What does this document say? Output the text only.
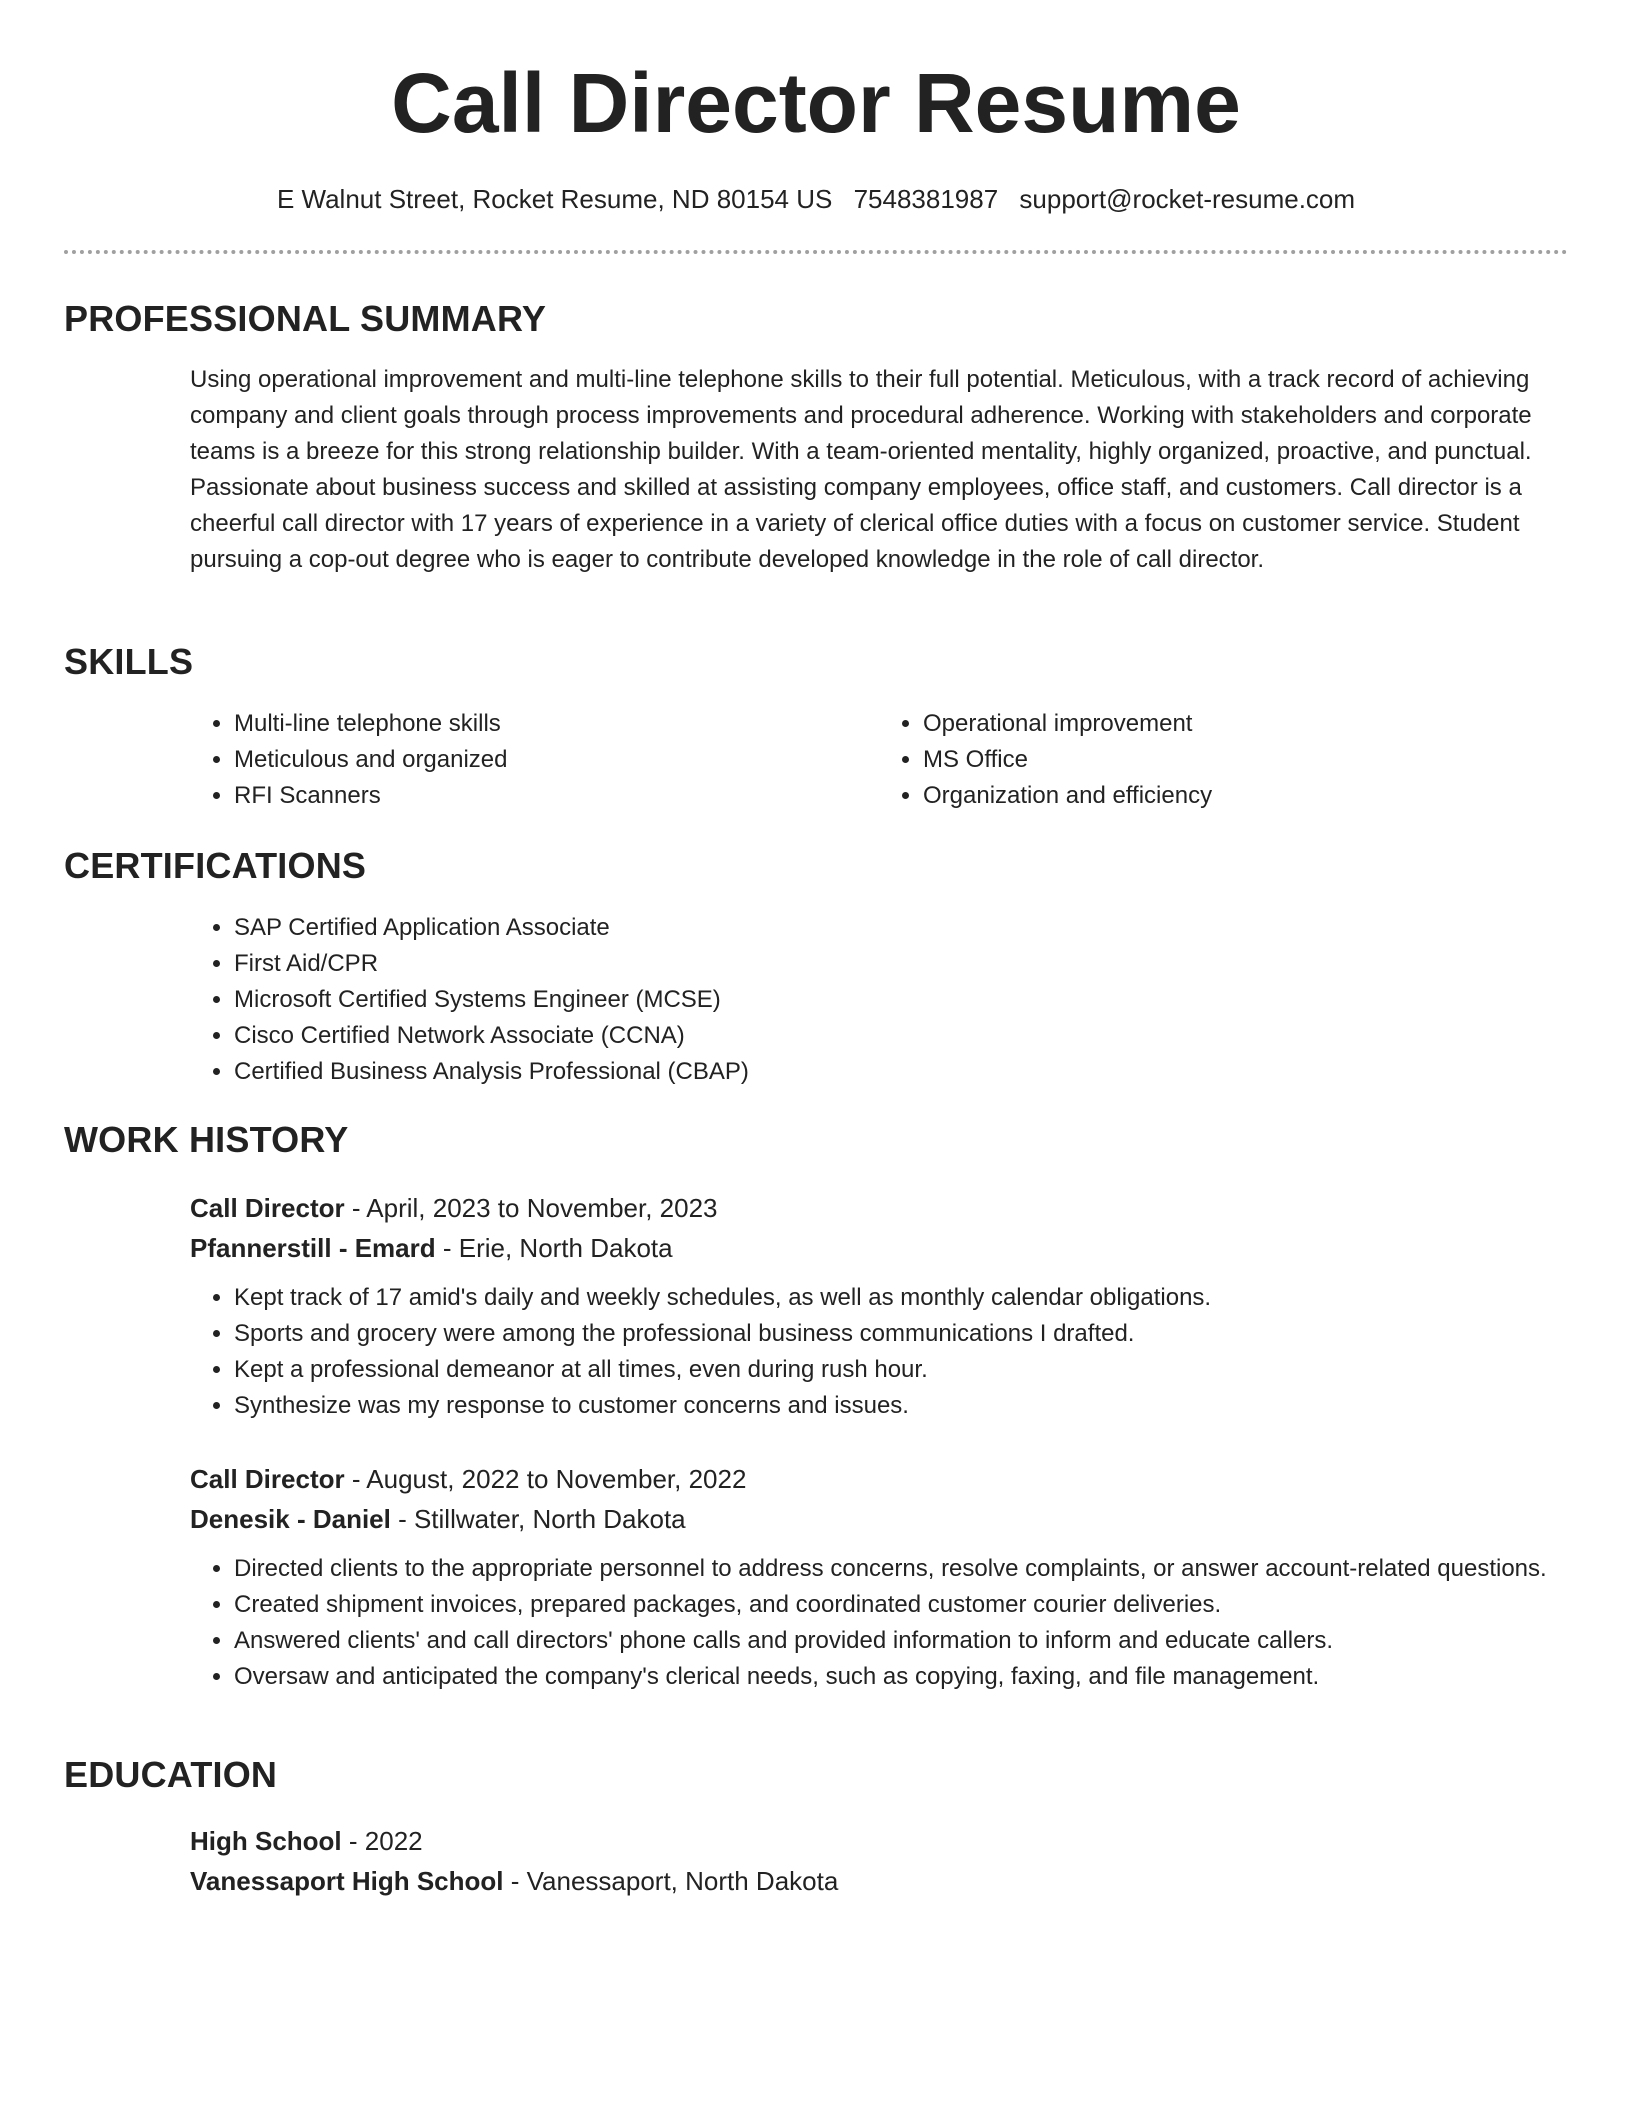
Call Director Resume
E Walnut Street, Rocket Resume, ND 80154 US 7548381987 support@rocket-resume.com
PROFESSIONAL SUMMARY

Using operational improvement and multi-line telephone skills to their full potential. Meticulous, with a track record of achieving company and client goals through process improvements and procedural adherence. Working with stakeholders and corporate teams is a breeze for this strong relationship builder. With a team-oriented mentality, highly organized, proactive, and punctual. Passionate about business success and skilled at assisting company employees, office staff, and customers. Call director is a cheerful call director with 17 years of experience in a variety of clerical office duties with a focus on customer service. Student pursuing a cop-out degree who is eager to contribute developed knowledge in the role of call director.

SKILLS
• Multi-line telephone skills
• Meticulous and organized
• RFI Scanners
• Operational improvement
• MS Office
• Organization and efficiency
CERTIFICATIONS
• SAP Certified Application Associate
• First Aid/CPR
• Microsoft Certified Systems Engineer (MCSE)
• Cisco Certified Network Associate (CCNA)
• Certified Business Analysis Professional (CBAP)
WORK HISTORY

Call Director - April, 2023 to November, 2023

Pfannerstill - Emard - Erie, North Dakota

• Kept track of 17 amid's daily and weekly schedules, as well as monthly calendar obligations.
• Sports and grocery were among the professional business communications I drafted.
• Kept a professional demeanor at all times, even during rush hour.
• Synthesize was my response to customer concerns and issues.

Call Director - August, 2022 to November, 2022

Denesik - Daniel - Stillwater, North Dakota

• Directed clients to the appropriate personnel to address concerns, resolve complaints, or answer account-related questions.
• Created shipment invoices, prepared packages, and coordinated customer courier deliveries.
• Answered clients' and call directors' phone calls and provided information to inform and educate callers.
• Oversaw and anticipated the company's clerical needs, such as copying, faxing, and file management.
EDUCATION

High School - 2022

Vanessaport High School - Vanessaport, North Dakota
